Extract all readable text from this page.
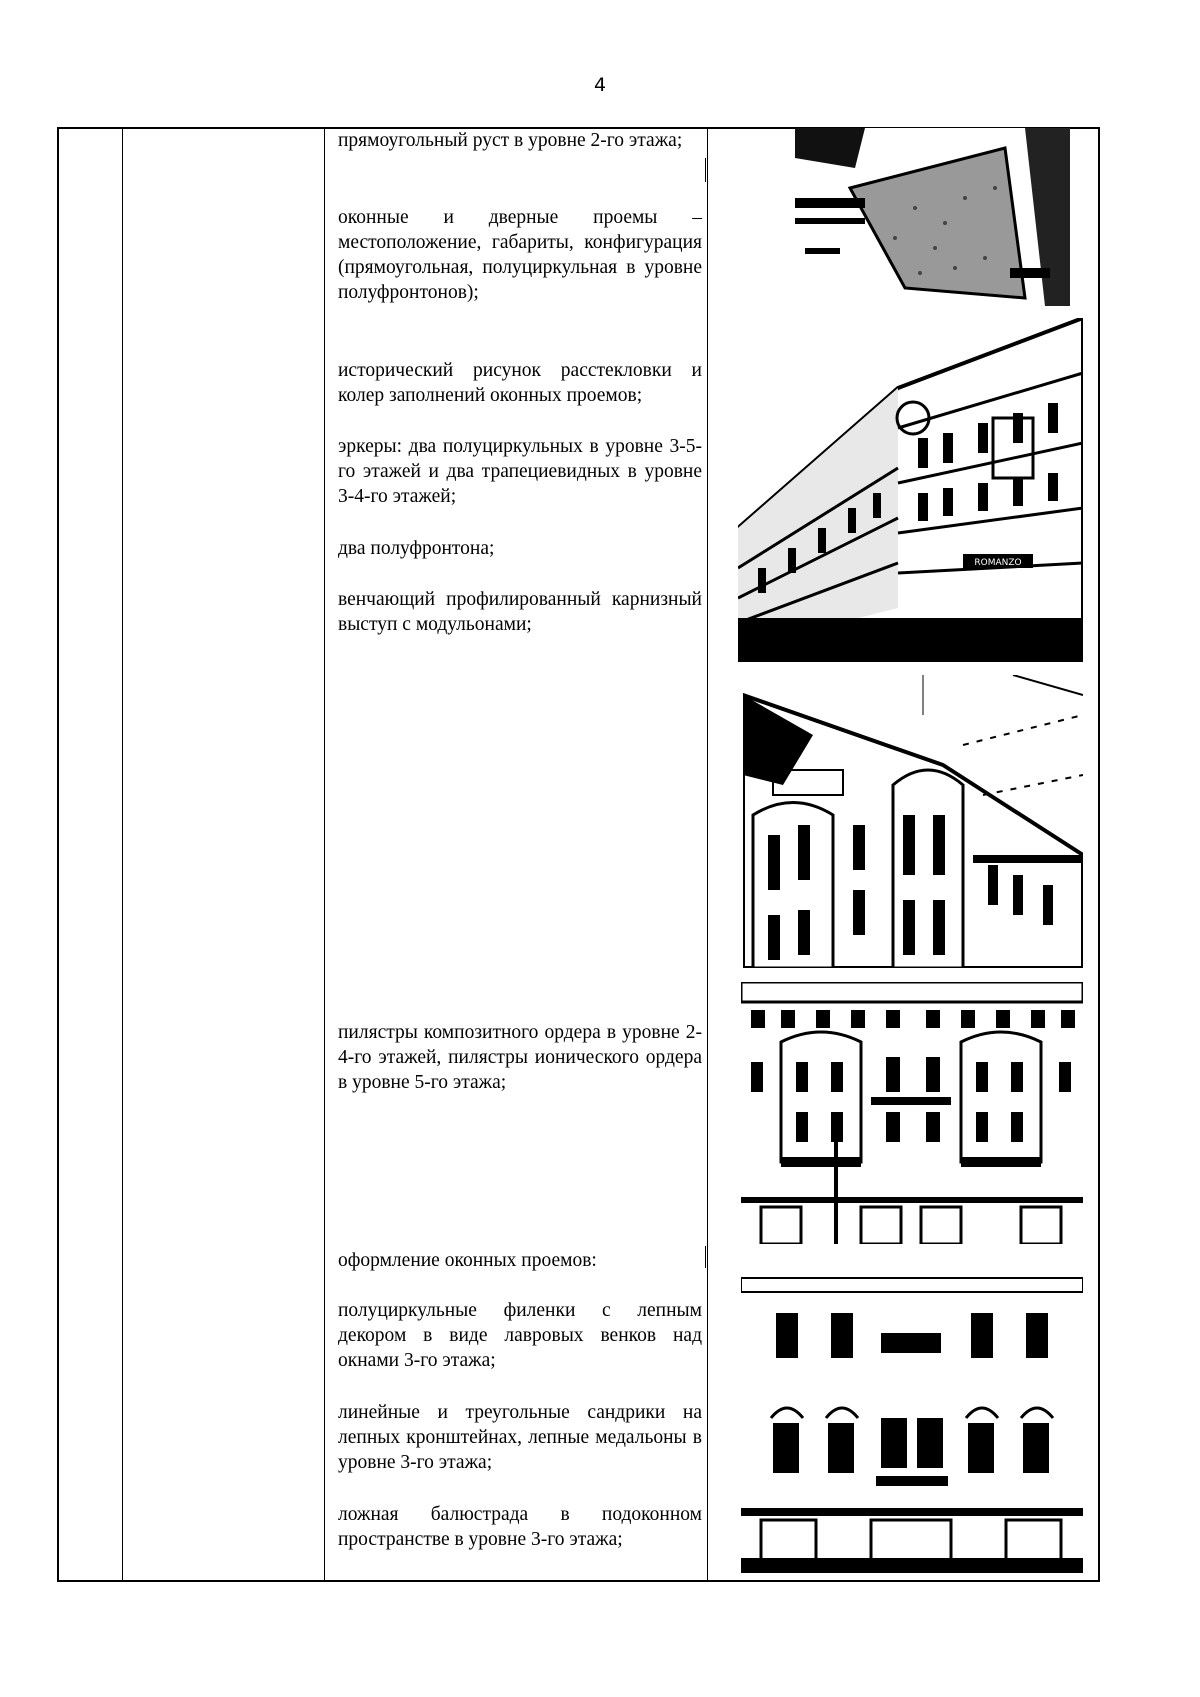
4
прямоугольный руст в уровне 2-го этажа;
оконные и дверные проемы – местоположение, габариты, конфигурация (прямоугольная, полуциркульная в уровне полуфронтонов);
исторический рисунок расстекловки и колер заполнений оконных проемов;
эркеры: два полуциркульных в уровне 3-5-го этажей и два трапециевидных в уровне 3-4-го этажей;
два полуфронтона;
венчающий профилированный карнизный выступ с модульонами;
пилястры композитного ордера в уровне 2-4-го этажей, пилястры ионического ордера в уровне 5-го этажа;
оформление оконных проемов:
полуциркульные филенки с лепным декором в виде лавровых венков над окнами 3-го этажа;
линейные и треугольные сандрики на лепных кронштейнах, лепные медальоны в уровне 3-го этажа;
ложная балюстрада в подоконном пространстве в уровне 3-го этажа;
ROMANZO
